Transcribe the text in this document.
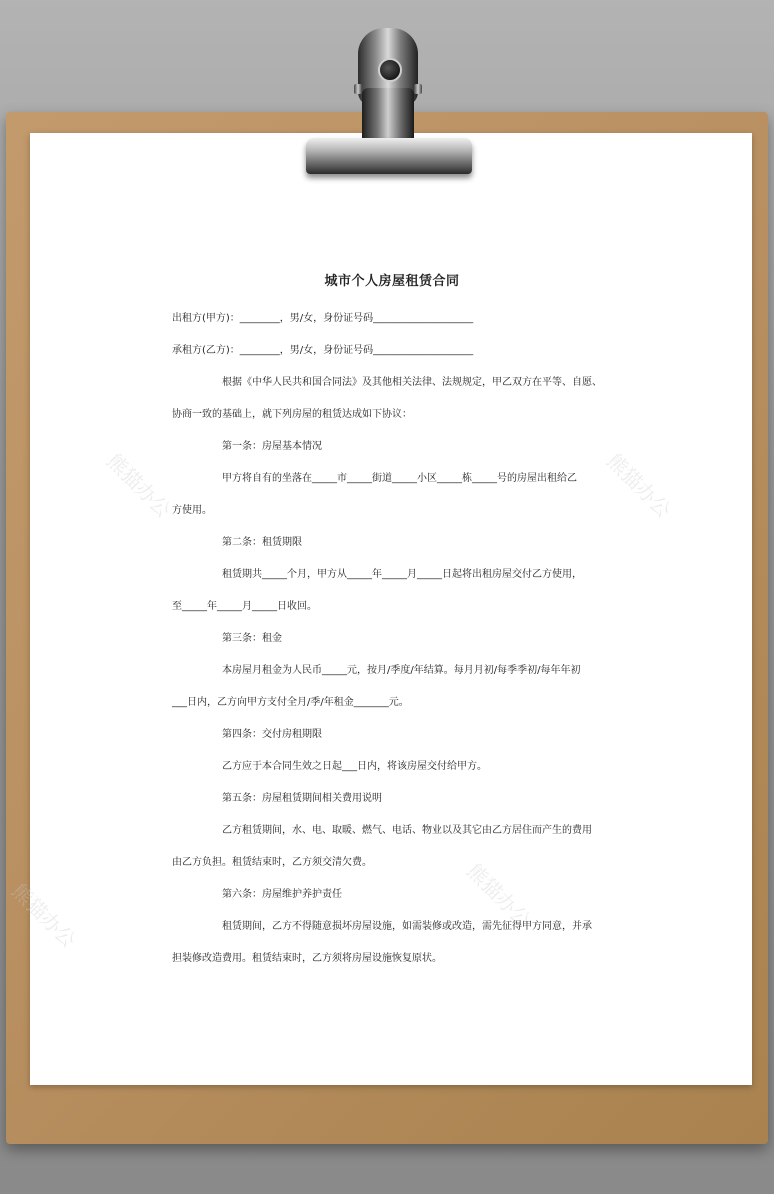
熊猫办公	熊猫办公
熊猫办公	熊猫办公
城市个人房屋租赁合同
出租方(甲方)：________，男/女，身份证号码____________________
承租方(乙方)：________，男/女，身份证号码____________________
根据《中华人民共和国合同法》及其他相关法律、法规规定，甲乙双方在平等、自愿、
协商一致的基础上，就下列房屋的租赁达成如下协议：
第一条：房屋基本情况
甲方将自有的坐落在_____市_____街道_____小区_____栋_____号的房屋出租给乙
方使用。
第二条：租赁期限
租赁期共_____个月，甲方从_____年_____月_____日起将出租房屋交付乙方使用，
至_____年_____月_____日收回。
第三条：租金
本房屋月租金为人民币_____元，按月/季度/年结算。每月月初/每季季初/每年年初
___日内，乙方向甲方支付全月/季/年租金_______元。
第四条：交付房租期限
乙方应于本合同生效之日起___日内，将该房屋交付给甲方。
第五条：房屋租赁期间相关费用说明
乙方租赁期间，水、电、取暖、燃气、电话、物业以及其它由乙方居住而产生的费用
由乙方负担。租赁结束时，乙方须交清欠费。
第六条：房屋维护养护责任
租赁期间，乙方不得随意损坏房屋设施，如需装修或改造，需先征得甲方同意，并承
担装修改造费用。租赁结束时，乙方须将房屋设施恢复原状。
